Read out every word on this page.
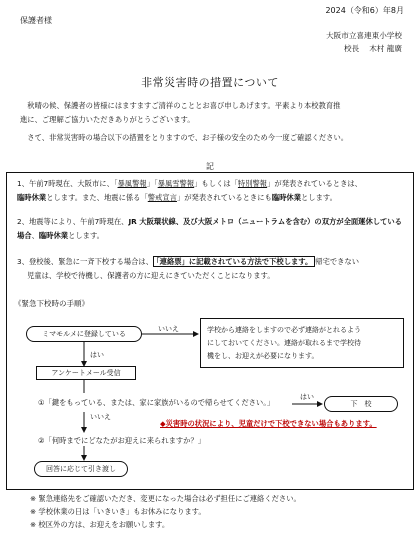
2024（令和6）年8月
保護者様
大阪市立喜連東小学校
校長　 木村 龍廣
非常災害時の措置について
　秋晴の候、保護者の皆様にはますますご清祥のこととお喜び申しあげます。平素より本校教育推
進に、ご理解ご協力いただきありがとうございます。
　さて、非常災害時の場合以下の措置をとりますので、お子様の安全のため今一度ご確認ください。
記
1、午前7時現在、大阪市に、「暴風警報」「暴風雪警報」もしくは「特別警報」が発表されているときは、
臨時休業とします。また、地震に係る「警戒宣言」が発表されているときにも臨時休業とします。
2、地震等により、午前7時現在、JR 大阪環状線、及び大阪メトロ（ニュートラムを含む）の双方が全面運休している場合、臨時休業とします。
3、登校後、緊急に一斉下校する場合は、 「連絡票」に記載されている方法で下校します。 帰宅できない
児童は、学校で待機し、保護者の方に迎えにきていただくことになります。
《緊急下校時の手順》
ミマモルメに登録している
いいえ	学校から連絡をしますので必ず連絡がとれるよう
にしておいてください。連絡が取れるまで学校待
機をし、お迎えが必要になります。
はい
アンケートメール受信
①「鍵をもっている、または、家に家族がいるので帰らせてください。」
はい
下　校
いいえ
◆災害時の状況により、児童だけで下校できない場合もあります。
②「何時までにどなたがお迎えに来られますか？」
回答に応じて引き渡し
※ 緊急連絡先をご確認いただき、変更になった場合は必ず担任にご連絡ください。
※ 学校休業の日は「いきいき」もお休みになります。
※ 校区外の方は、お迎えをお願いします。
